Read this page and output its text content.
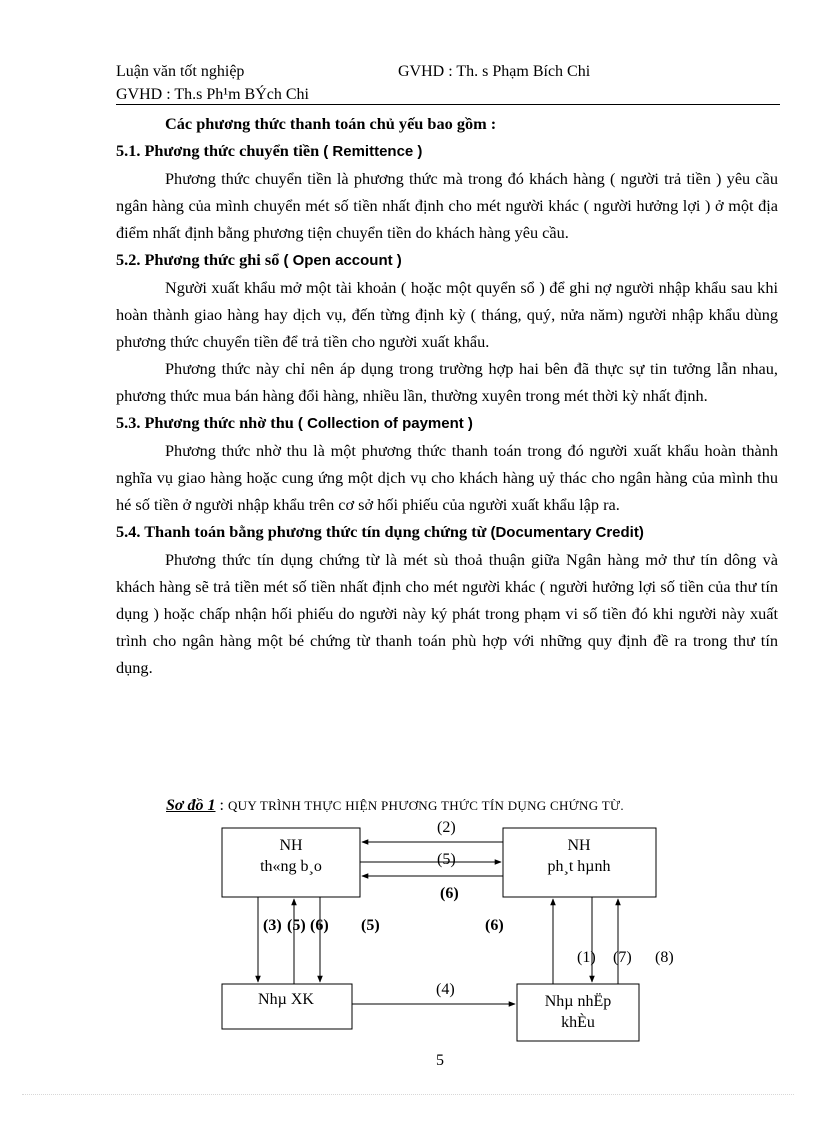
Luận văn tốt nghiệp	GVHD : Th. s Phạm Bích Chi
GVHD : Th.s Ph¹m BÝch Chi

Các phương thức thanh toán chủ yếu bao gồm :

5.1. Phương thức chuyển tiền ( Remittence )

Phương thức chuyển tiền là phương thức mà trong đó khách hàng ( người trả tiền ) yêu cầu ngân hàng của mình chuyển mét số tiền nhất định cho mét người khác ( người hưởng lợi ) ở một địa điểm nhất định bằng phương tiện chuyển tiền do khách hàng yêu cầu.

5.2. Phương thức ghi sổ ( Open account )

Người xuất khẩu mở một tài khoản ( hoặc một quyển sổ ) để ghi nợ người nhập khẩu sau khi hoàn thành giao hàng hay dịch vụ, đến từng định kỳ ( tháng, quý, nửa năm) người nhập khẩu dùng phương thức chuyển tiền để trả tiền cho người xuất khẩu.

Phương thức này chỉ nên áp dụng trong trường hợp hai bên đã thực sự tin tưởng lẫn nhau, phương thức mua bán hàng đổi hàng, nhiều lần, thường xuyên trong mét thời kỳ nhất định.

5.3. Phương thức nhờ thu ( Collection of payment )

Phương thức nhờ thu là một phương thức thanh toán trong đó người xuất khẩu hoàn thành nghĩa vụ giao hàng hoặc cung ứng một dịch vụ cho khách hàng uỷ thác cho ngân hàng của mình thu hé số tiền ở người nhập khẩu trên cơ sở hối phiếu của người xuất khẩu lập ra.

5.4. Thanh toán bằng phương thức tín dụng chứng từ (Documentary Credit)

Phương thức tín dụng chứng từ là mét sù thoả thuận giữa Ngân hàng mở thư tín dông và khách hàng sẽ trả tiền mét số tiền nhất định cho mét người khác ( người hưởng lợi số tiền của thư tín dụng ) hoặc chấp nhận hối phiếu do người này ký phát trong phạm vi số tiền đó khi người này xuất trình cho ngân hàng một bé chứng từ thanh toán phù hợp với những quy định đề ra trong thư tín dụng.

Sơ đồ 1 : QUY TRÌNH THỰC HIỆN PHƯƠNG THỨC TÍN DỤNG CHỨNG TỪ.
NH
th«ng b¸o
NH
ph¸t hµnh
Nhµ XK	Nhµ nhËp
khÈu
(2)
(5)
(6)
(3) (5) (6) (5)	(6)
(1) (7) (8)
(4)
5
